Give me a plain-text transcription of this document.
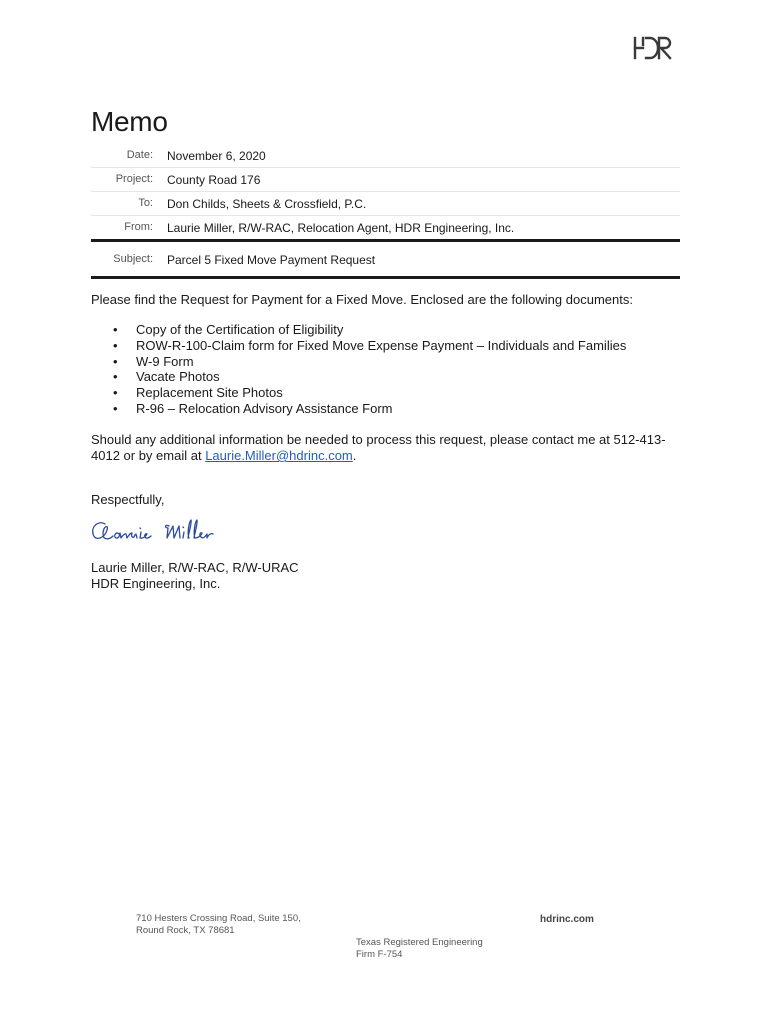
Memo
Date: November 6, 2020
Project: County Road 176
To: Don Childs, Sheets & Crossfield, P.C.
From: Laurie Miller, R/W-RAC, Relocation Agent, HDR Engineering, Inc.
Subject: Parcel 5 Fixed Move Payment Request
Please find the Request for Payment for a Fixed Move. Enclosed are the following documents:
• Copy of the Certification of Eligibility
• ROW-R-100-Claim form for Fixed Move Expense Payment – Individuals and Families
• W-9 Form
• Vacate Photos
• Replacement Site Photos
• R-96 – Relocation Advisory Assistance Form
Should any additional information be needed to process this request, please contact me at 512-413-4012 or by email at Laurie.Miller@hdrinc.com.
Respectfully,
Laurie Miller, R/W-RAC, R/W-URAC
HDR Engineering, Inc.
710 Hesters Crossing Road, Suite 150,
Round Rock, TX 78681
hdrinc.com
Texas Registered Engineering
Firm F-754
